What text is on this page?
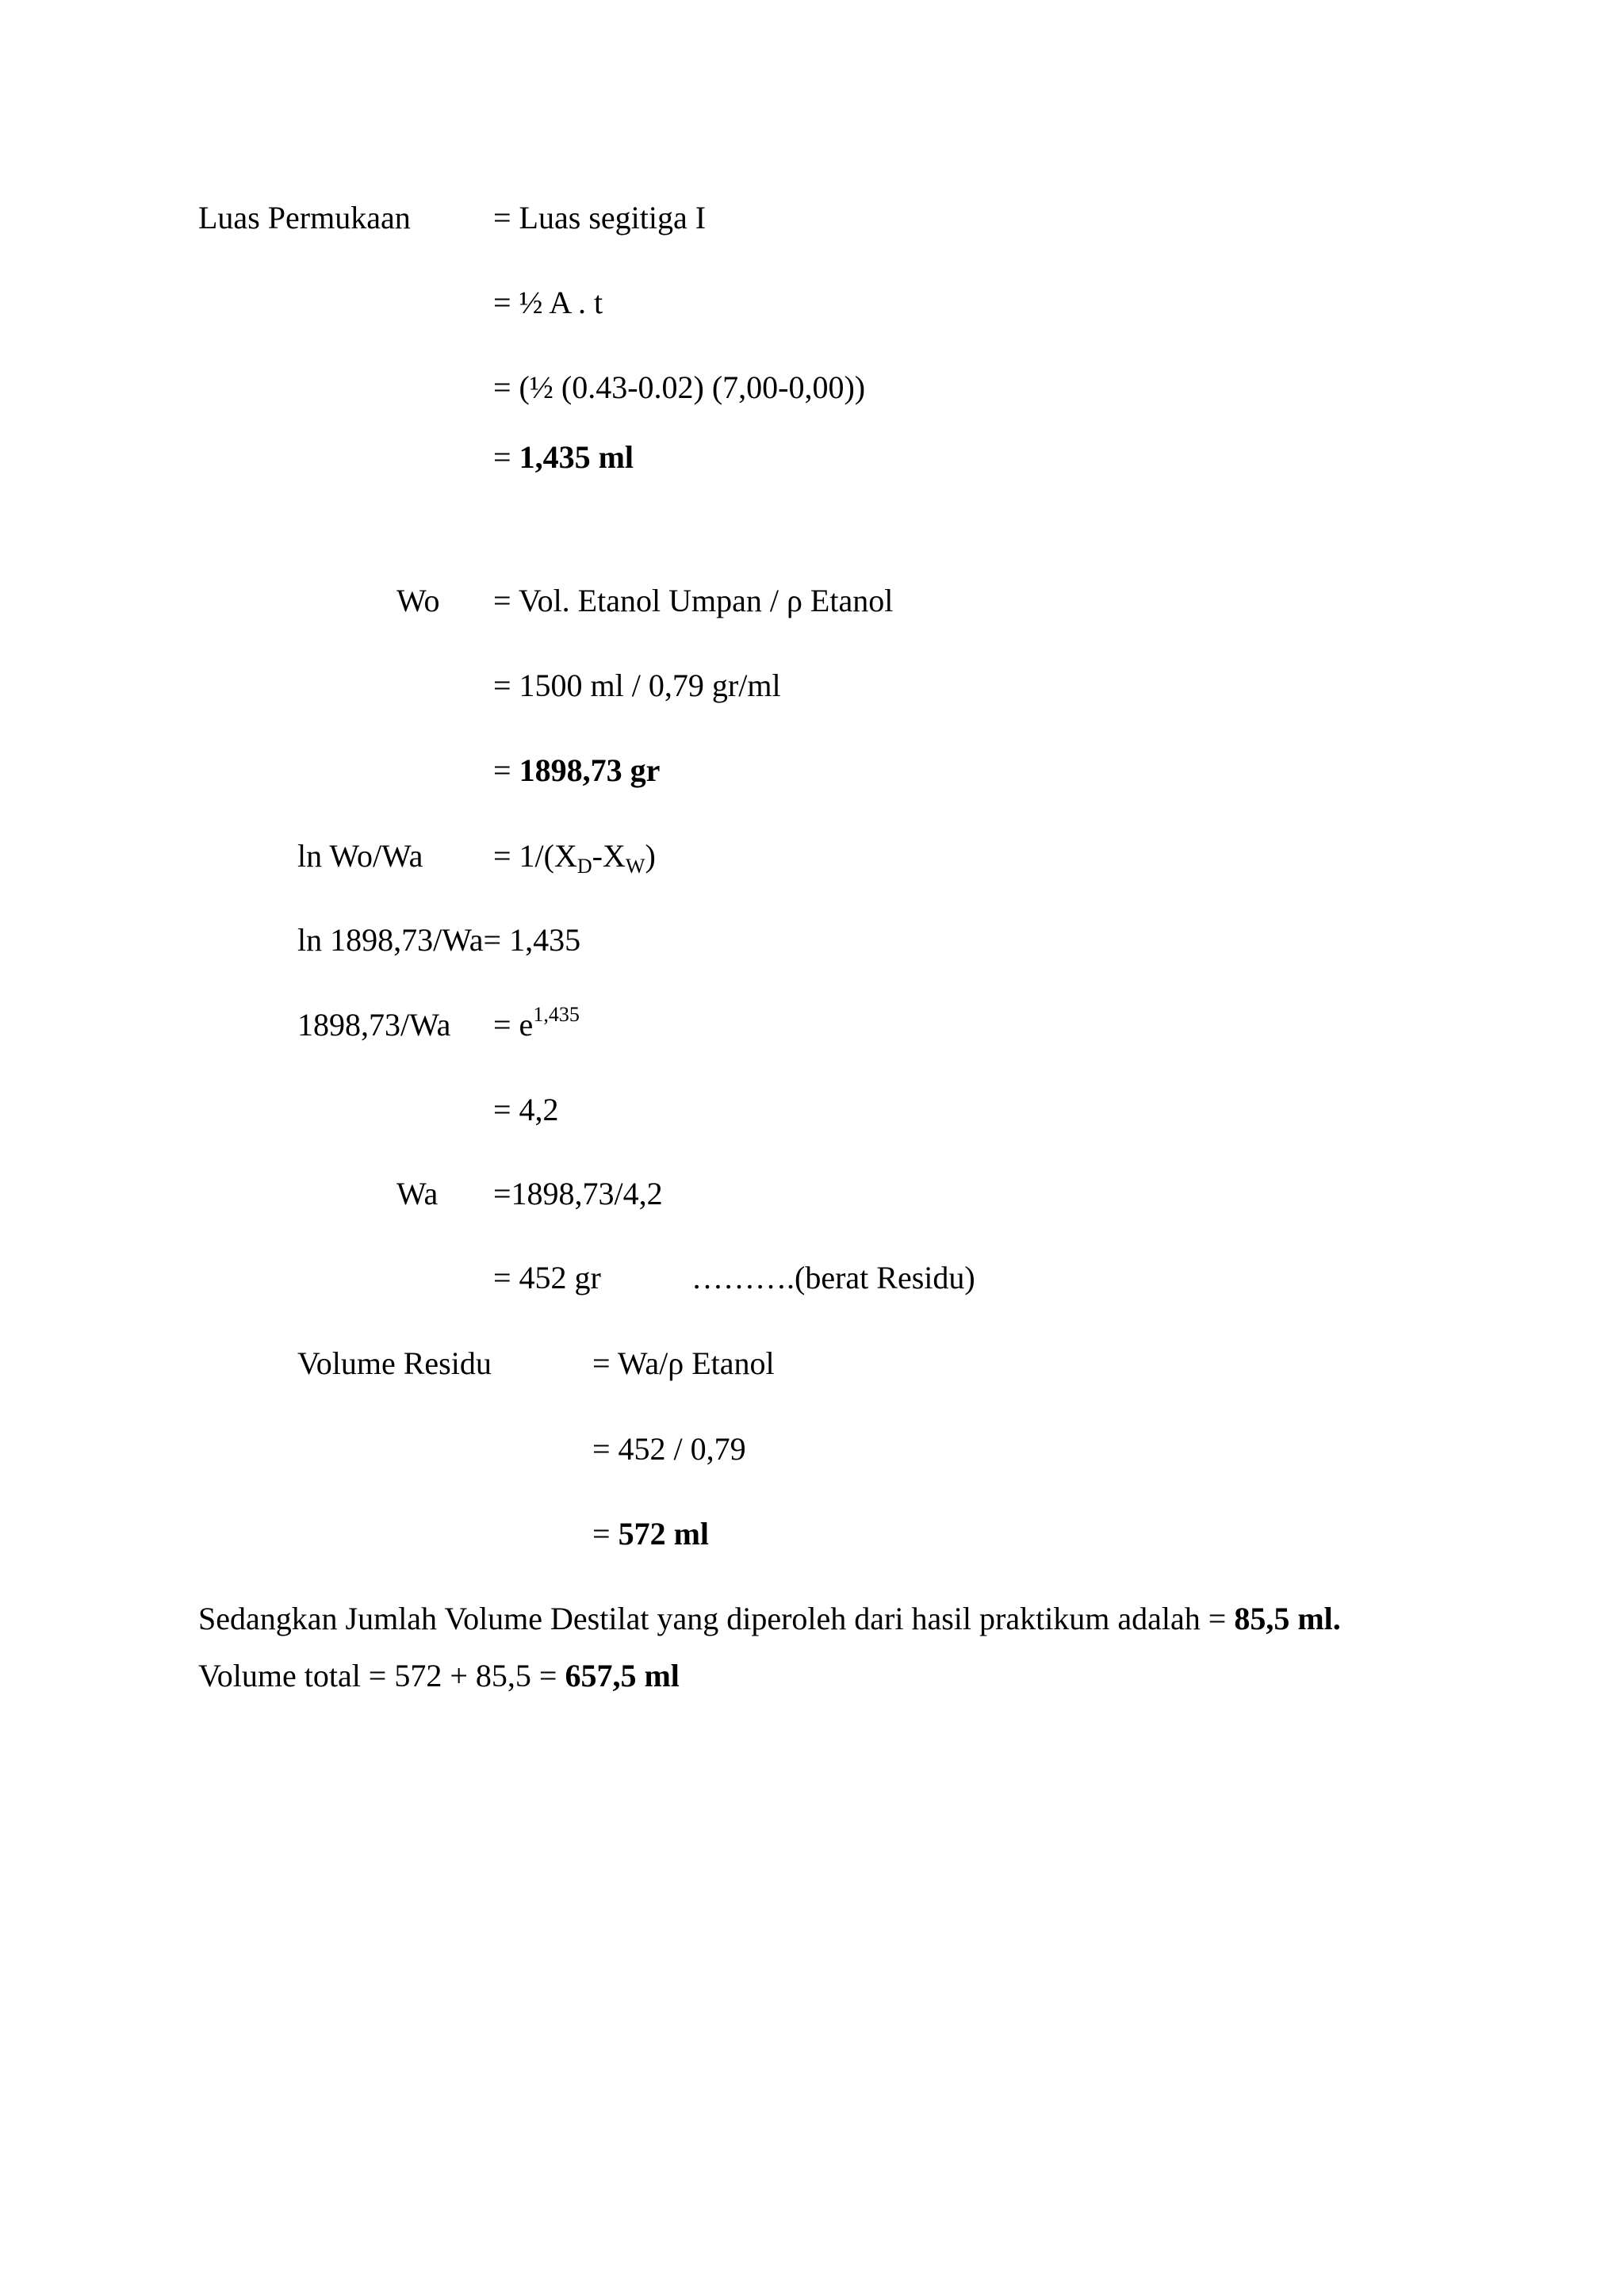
Luas Permukaan	= Luas segitiga I
= ½ A . t
= (½ (0.43-0.02) (7,00-0,00))
= 1,435 ml
Wo = Vol. Etanol Umpan / ρ Etanol
= 1500 ml / 0,79 gr/ml
= 1898,73 gr
$\ln Wo/Wa = 1/(X_D-X_W)$
ln 1898,73/Wa= 1,435
$1898,73/Wa = e^{1,435}$
= 4,2
Wa =1898,73/4,2
= 452 gr	……….(berat Residu)
Volume Residu	= Wa/ρ Etanol
= 452 / 0,79
= 572 ml
Sedangkan Jumlah Volume Destilat yang diperoleh dari hasil praktikum adalah = 85,5 ml.
Volume total = 572 + 85,5 = 657,5 ml
